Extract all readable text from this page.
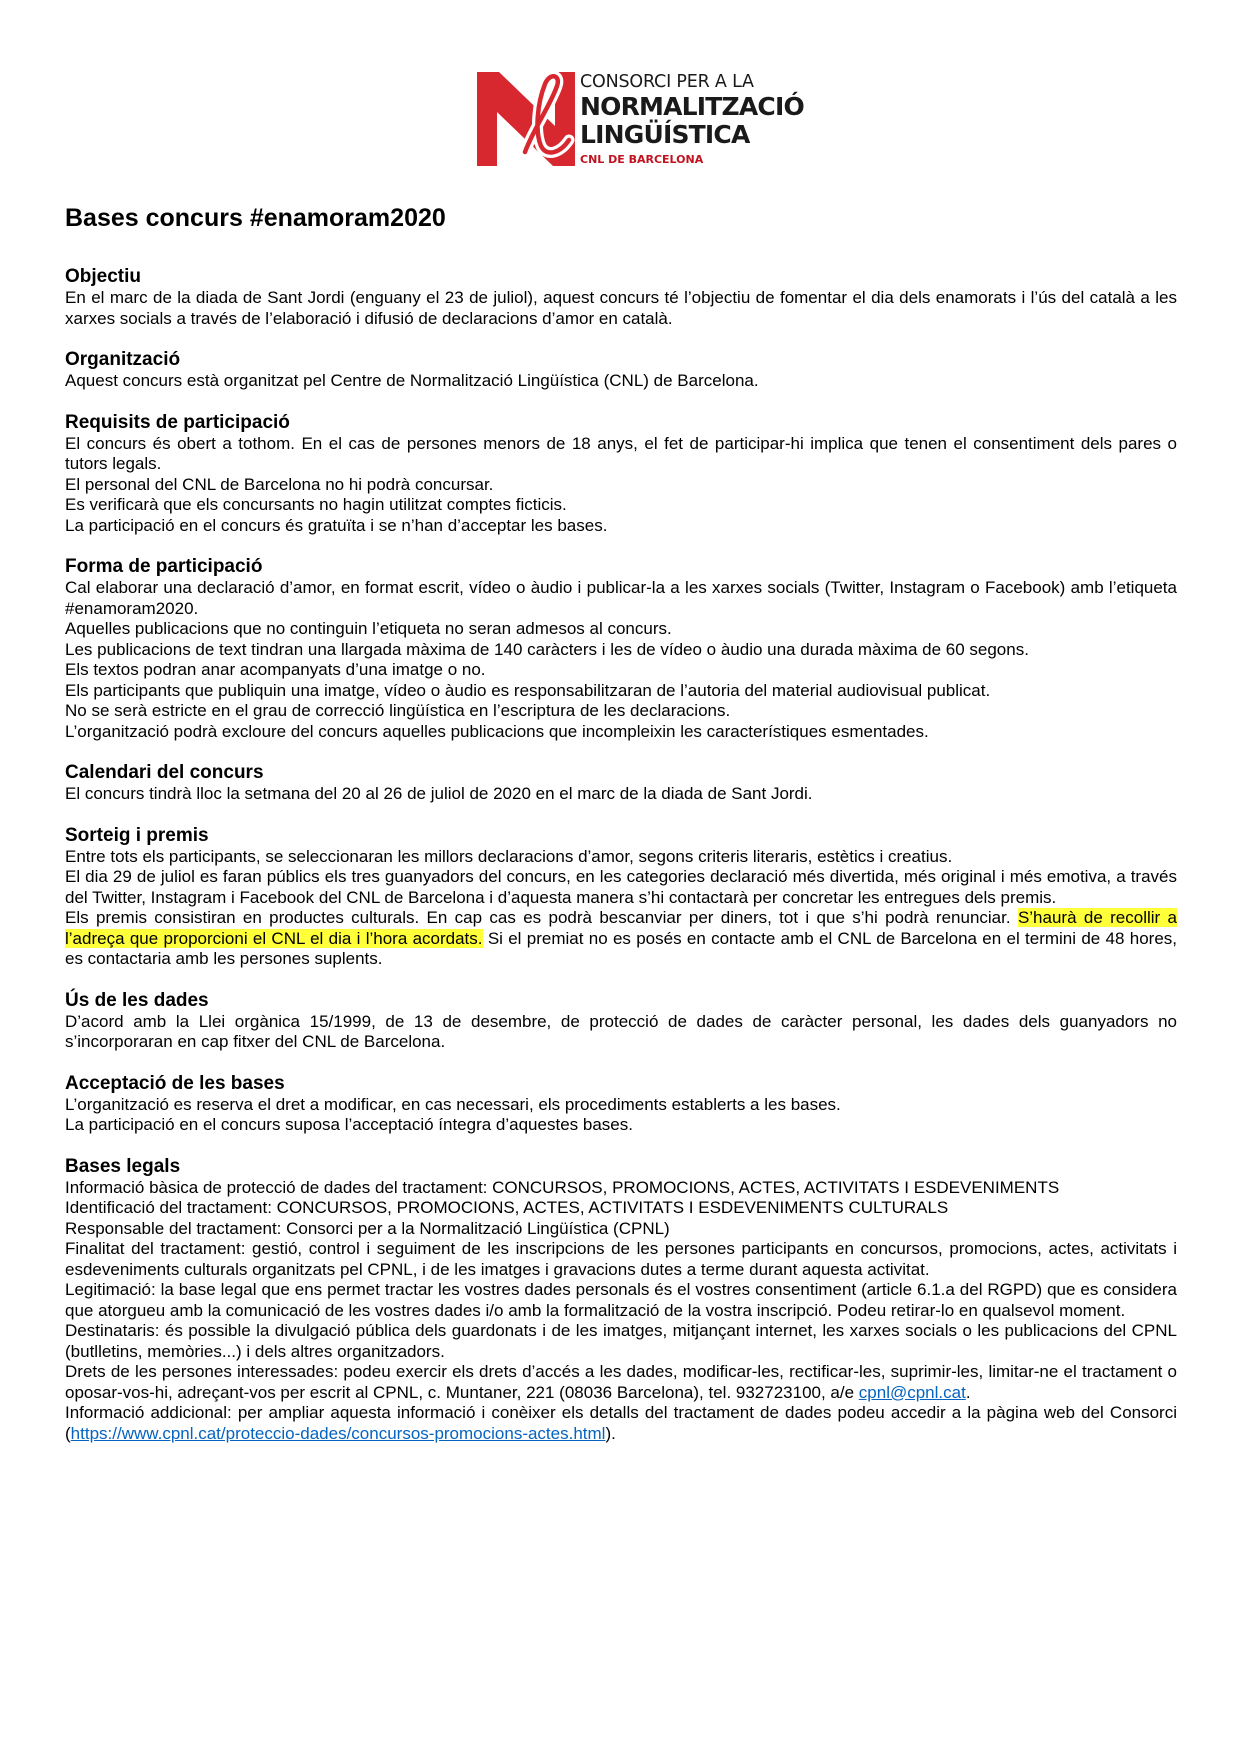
CONSORCI PER A LA
NORMALITZACIÓ
LINGÜÍSTICA
CNL DE BARCELONA
Bases concurs #enamoram2020
Objectiu

En el marc de la diada de Sant Jordi (enguany el 23 de juliol), aquest concurs té l’objectiu de fomentar el dia dels enamorats i l’ús del català a les xarxes socials a través de l’elaboració i difusió de declaracions d’amor en català.

Organització

Aquest concurs està organitzat pel Centre de Normalització Lingüística (CNL) de Barcelona.

Requisits de participació

El concurs és obert a tothom. En el cas de persones menors de 18 anys, el fet de participar-hi implica que tenen el consentiment dels pares o tutors legals.

El personal del CNL de Barcelona no hi podrà concursar.

Es verificarà que els concursants no hagin utilitzat comptes ficticis.

La participació en el concurs és gratuïta i se n’han d’acceptar les bases.

Forma de participació

Cal elaborar una declaració d’amor, en format escrit, vídeo o àudio i publicar-la a les xarxes socials (Twitter, Instagram o Facebook) amb l’etiqueta #enamoram2020.

Aquelles publicacions que no continguin l’etiqueta no seran admesos al concurs.

Les publicacions de text tindran una llargada màxima de 140 caràcters i les de vídeo o àudio una durada màxima de 60 segons.

Els textos podran anar acompanyats d’una imatge o no.

Els participants que publiquin una imatge, vídeo o àudio es responsabilitzaran de l’autoria del material audiovisual publicat.

No se serà estricte en el grau de correcció lingüística en l’escriptura de les declaracions.

L’organització podrà excloure del concurs aquelles publicacions que incompleixin les característiques esmentades.

Calendari del concurs

El concurs tindrà lloc la setmana del 20 al 26 de juliol de 2020 en el marc de la diada de Sant Jordi.

Sorteig i premis

Entre tots els participants, se seleccionaran les millors declaracions d’amor, segons criteris literaris, estètics i creatius.

El dia 29 de juliol es faran públics els tres guanyadors del concurs, en les categories declaració més divertida, més original i més emotiva, a través del Twitter, Instagram i Facebook del CNL de Barcelona i d’aquesta manera s’hi contactarà per concretar les entregues dels premis.

Els premis consistiran en productes culturals. En cap cas es podrà bescanviar per diners, tot i que s’hi podrà renunciar. S’haurà de recollir a l’adreça que proporcioni el CNL el dia i l’hora acordats. Si el premiat no es posés en contacte amb el CNL de Barcelona en el termini de 48 hores, es contactaria amb les persones suplents.

Ús de les dades

D’acord amb la Llei orgànica 15/1999, de 13 de desembre, de protecció de dades de caràcter personal, les dades dels guanyadors no s’incorporaran en cap fitxer del CNL de Barcelona.

Acceptació de les bases

L’organització es reserva el dret a modificar, en cas necessari, els procediments establerts a les bases.

La participació en el concurs suposa l’acceptació íntegra d’aquestes bases.

Bases legals

Informació bàsica de protecció de dades del tractament: CONCURSOS, PROMOCIONS, ACTES, ACTIVITATS I ESDEVENIMENTS

Identificació del tractament: CONCURSOS, PROMOCIONS, ACTES, ACTIVITATS I ESDEVENIMENTS CULTURALS

Responsable del tractament: Consorci per a la Normalització Lingüística (CPNL)

Finalitat del tractament: gestió, control i seguiment de les inscripcions de les persones participants en concursos, promocions, actes, activitats i esdeveniments culturals organitzats pel CPNL, i de les imatges i gravacions dutes a terme durant aquesta activitat.

Legitimació: la base legal que ens permet tractar les vostres dades personals és el vostres consentiment (article 6.1.a del RGPD) que es considera que atorgueu amb la comunicació de les vostres dades i/o amb la formalització de la vostra inscripció. Podeu retirar-lo en qualsevol moment.

Destinataris: és possible la divulgació pública dels guardonats i de les imatges, mitjançant internet, les xarxes socials o les publicacions del CPNL (butlletins, memòries...) i dels altres organitzadors.

Drets de les persones interessades: podeu exercir els drets d’accés a les dades, modificar-les, rectificar-les, suprimir-les, limitar-ne el tractament o oposar-vos-hi, adreçant-vos per escrit al CPNL, c. Muntaner, 221 (08036 Barcelona), tel. 932723100, a/e cpnl@cpnl.cat.

Informació addicional: per ampliar aquesta informació i conèixer els detalls del tractament de dades podeu accedir a la pàgina web del Consorci (https://www.cpnl.cat/proteccio-dades/concursos-promocions-actes.html).
